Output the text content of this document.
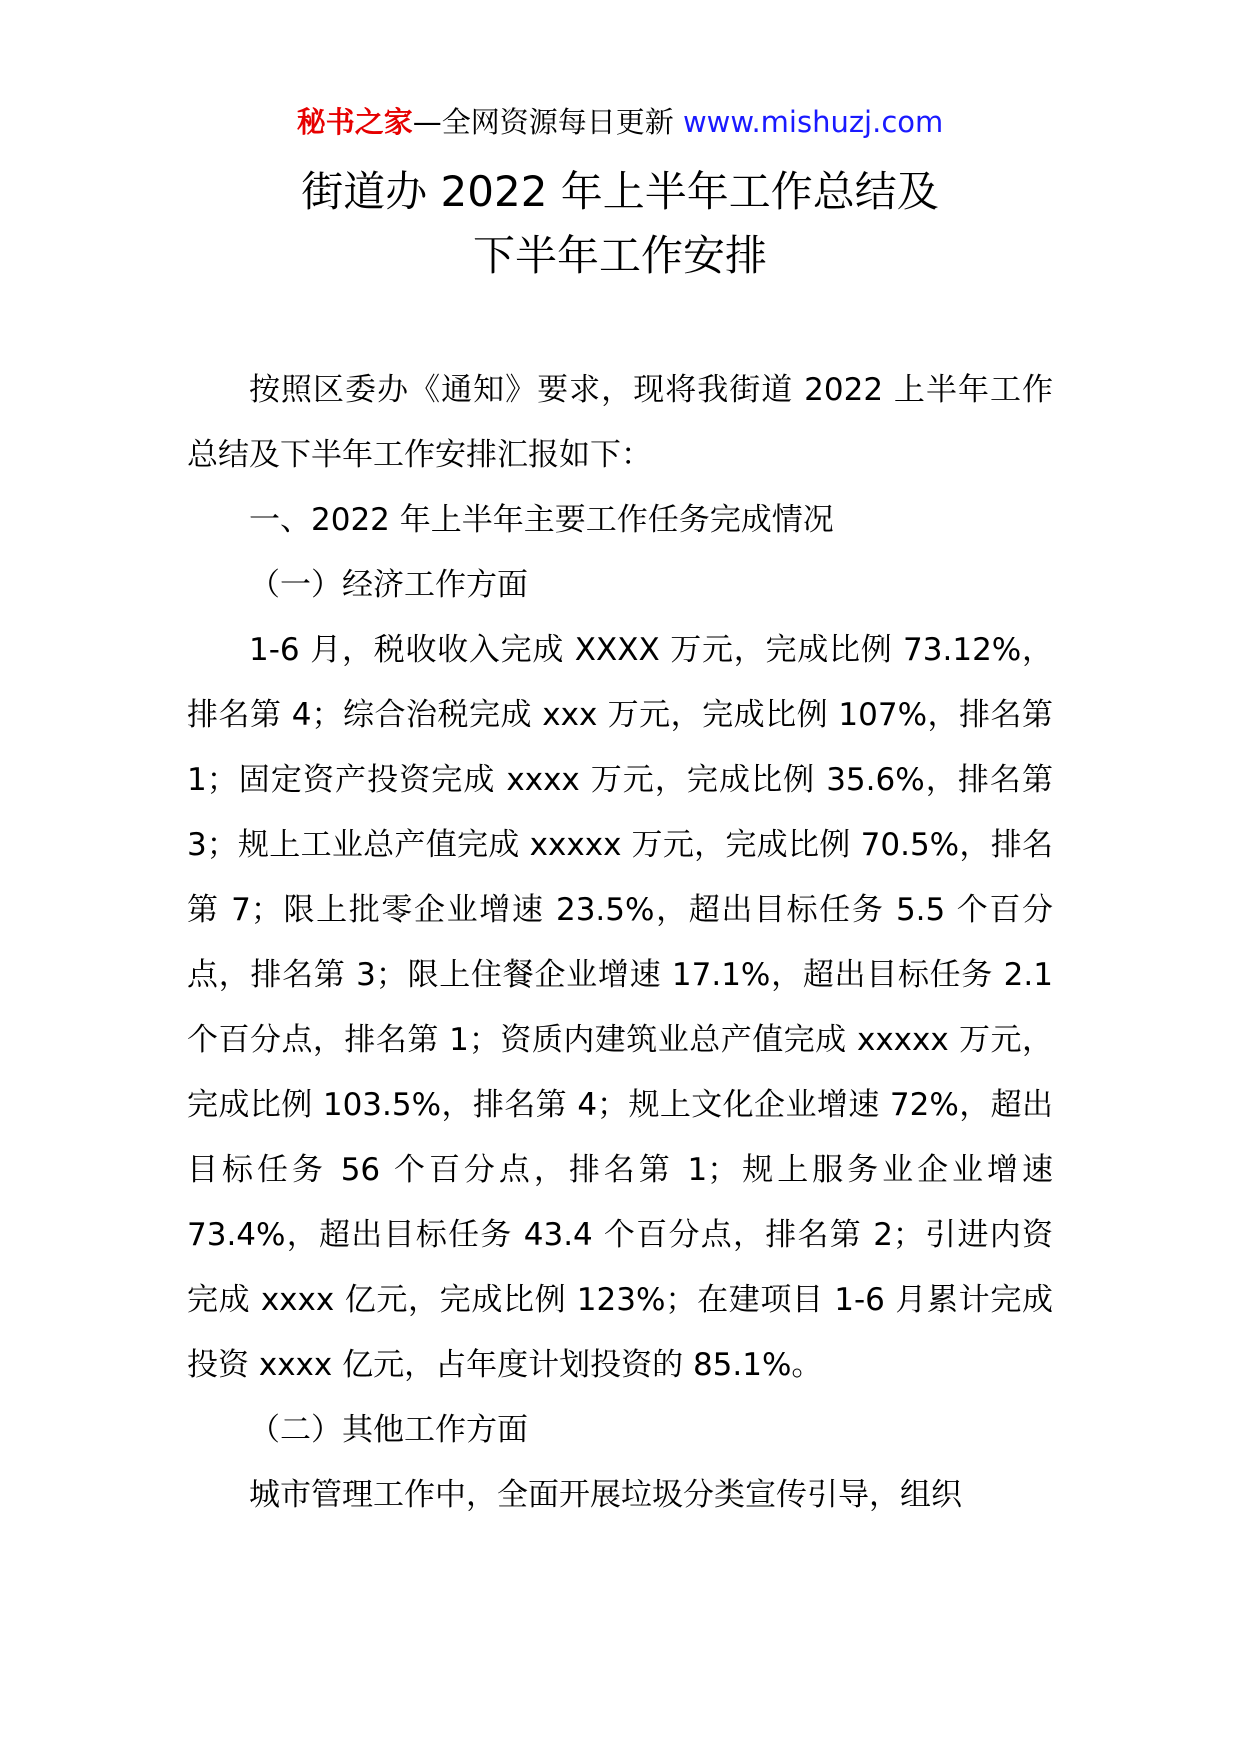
秘书之家—全网资源每日更新 www.mishuzj.com
街道办 2022 年上半年工作总结及
下半年工作安排

按照区委办《通知》要求，现将我街道 2022 上半年工作总结及下半年工作安排汇报如下：

一、2022 年上半年主要工作任务完成情况

（一）经济工作方面

1-6 月，税收收入完成 XXXX 万元，完成比例 73.12%，排名第 4；综合治税完成 xxx 万元，完成比例 107%，排名第 1；固定资产投资完成 xxxx 万元，完成比例 35.6%，排名第 3；规上工业总产值完成 xxxxx 万元，完成比例 70.5%，排名第 7；限上批零企业增速 23.5%，超出目标任务 5.5 个百分点，排名第 3；限上住餐企业增速 17.1%，超出目标任务 2.1 个百分点，排名第 1；资质内建筑业总产值完成 xxxxx 万元，完成比例 103.5%，排名第 4；规上文化企业增速 72%，超出目标任务 56 个百分点，排名第 1；规上服务业企业增速 73.4%，超出目标任务 43.4 个百分点，排名第 2；引进内资完成 xxxx 亿元，完成比例 123%；在建项目 1-6 月累计完成投资 xxxx 亿元，占年度计划投资的 85.1%。

（二）其他工作方面

城市管理工作中，全面开展垃圾分类宣传引导，组织
